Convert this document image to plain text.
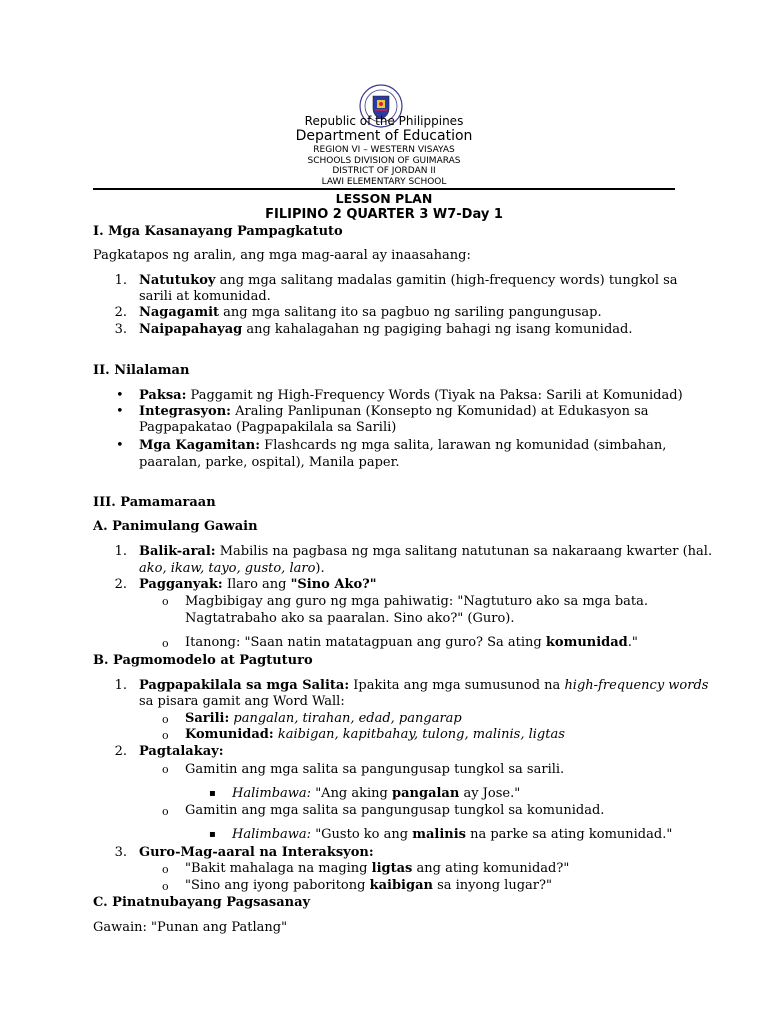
Republic of the Philippines
Department of Education
REGION VI – WESTERN VISAYAS
SCHOOLS DIVISION OF GUIMARAS
DISTRICT OF JORDAN II
LAWI ELEMENTARY SCHOOL
LESSON PLAN
FILIPINO 2 QUARTER 3 W7-Day 1
I. Mga Kasanayang Pampagkatuto
Pagkatapos ng aralin, ang mga mag-aaral ay inaasahang:
1. Natutukoy ang mga salitang madalas gamitin (high-frequency words) tungkol sa
sarili at komunidad.
2. Nagagamit ang mga salitang ito sa pagbuo ng sariling pangungusap.
3. Naipapahayag ang kahalagahan ng pagiging bahagi ng isang komunidad.
II. Nilalaman
• Paksa: Paggamit ng High-Frequency Words (Tiyak na Paksa: Sarili at Komunidad)
• Integrasyon: Araling Panlipunan (Konsepto ng Komunidad) at Edukasyon sa
Pagpapakatao (Pagpapakilala sa Sarili)
• Mga Kagamitan: Flashcards ng mga salita, larawan ng komunidad (simbahan,
paaralan, parke, ospital), Manila paper.
III. Pamamaraan
A. Panimulang Gawain
1. Balik-aral: Mabilis na pagbasa ng mga salitang natutunan sa nakaraang kwarter (hal.
ako, ikaw, tayo, gusto, laro).
2. Pagganyak: Ilaro ang "Sino Ako?"
o Magbibigay ang guro ng mga pahiwatig: "Nagtuturo ako sa mga bata.
Nagtatrabaho ako sa paaralan. Sino ako?" (Guro).
o Itanong: "Saan natin matatagpuan ang guro? Sa ating komunidad."
B. Pagmomodelo at Pagtuturo
1. Pagpapakilala sa mga Salita: Ipakita ang mga sumusunod na high-frequency words
sa pisara gamit ang Word Wall:
o Sarili: pangalan, tirahan, edad, pangarap
o Komunidad: kaibigan, kapitbahay, tulong, malinis, ligtas
2. Pagtalakay:
o Gamitin ang mga salita sa pangungusap tungkol sa sarili.
▪ Halimbawa: "Ang aking pangalan ay Jose."
o Gamitin ang mga salita sa pangungusap tungkol sa komunidad.
▪ Halimbawa: "Gusto ko ang malinis na parke sa ating komunidad."
3. Guro-Mag-aaral na Interaksyon:
o "Bakit mahalaga na maging ligtas ang ating komunidad?"
o "Sino ang iyong paboritong kaibigan sa inyong lugar?"
C. Pinatnubayang Pagsasanay
Gawain: "Punan ang Patlang"
